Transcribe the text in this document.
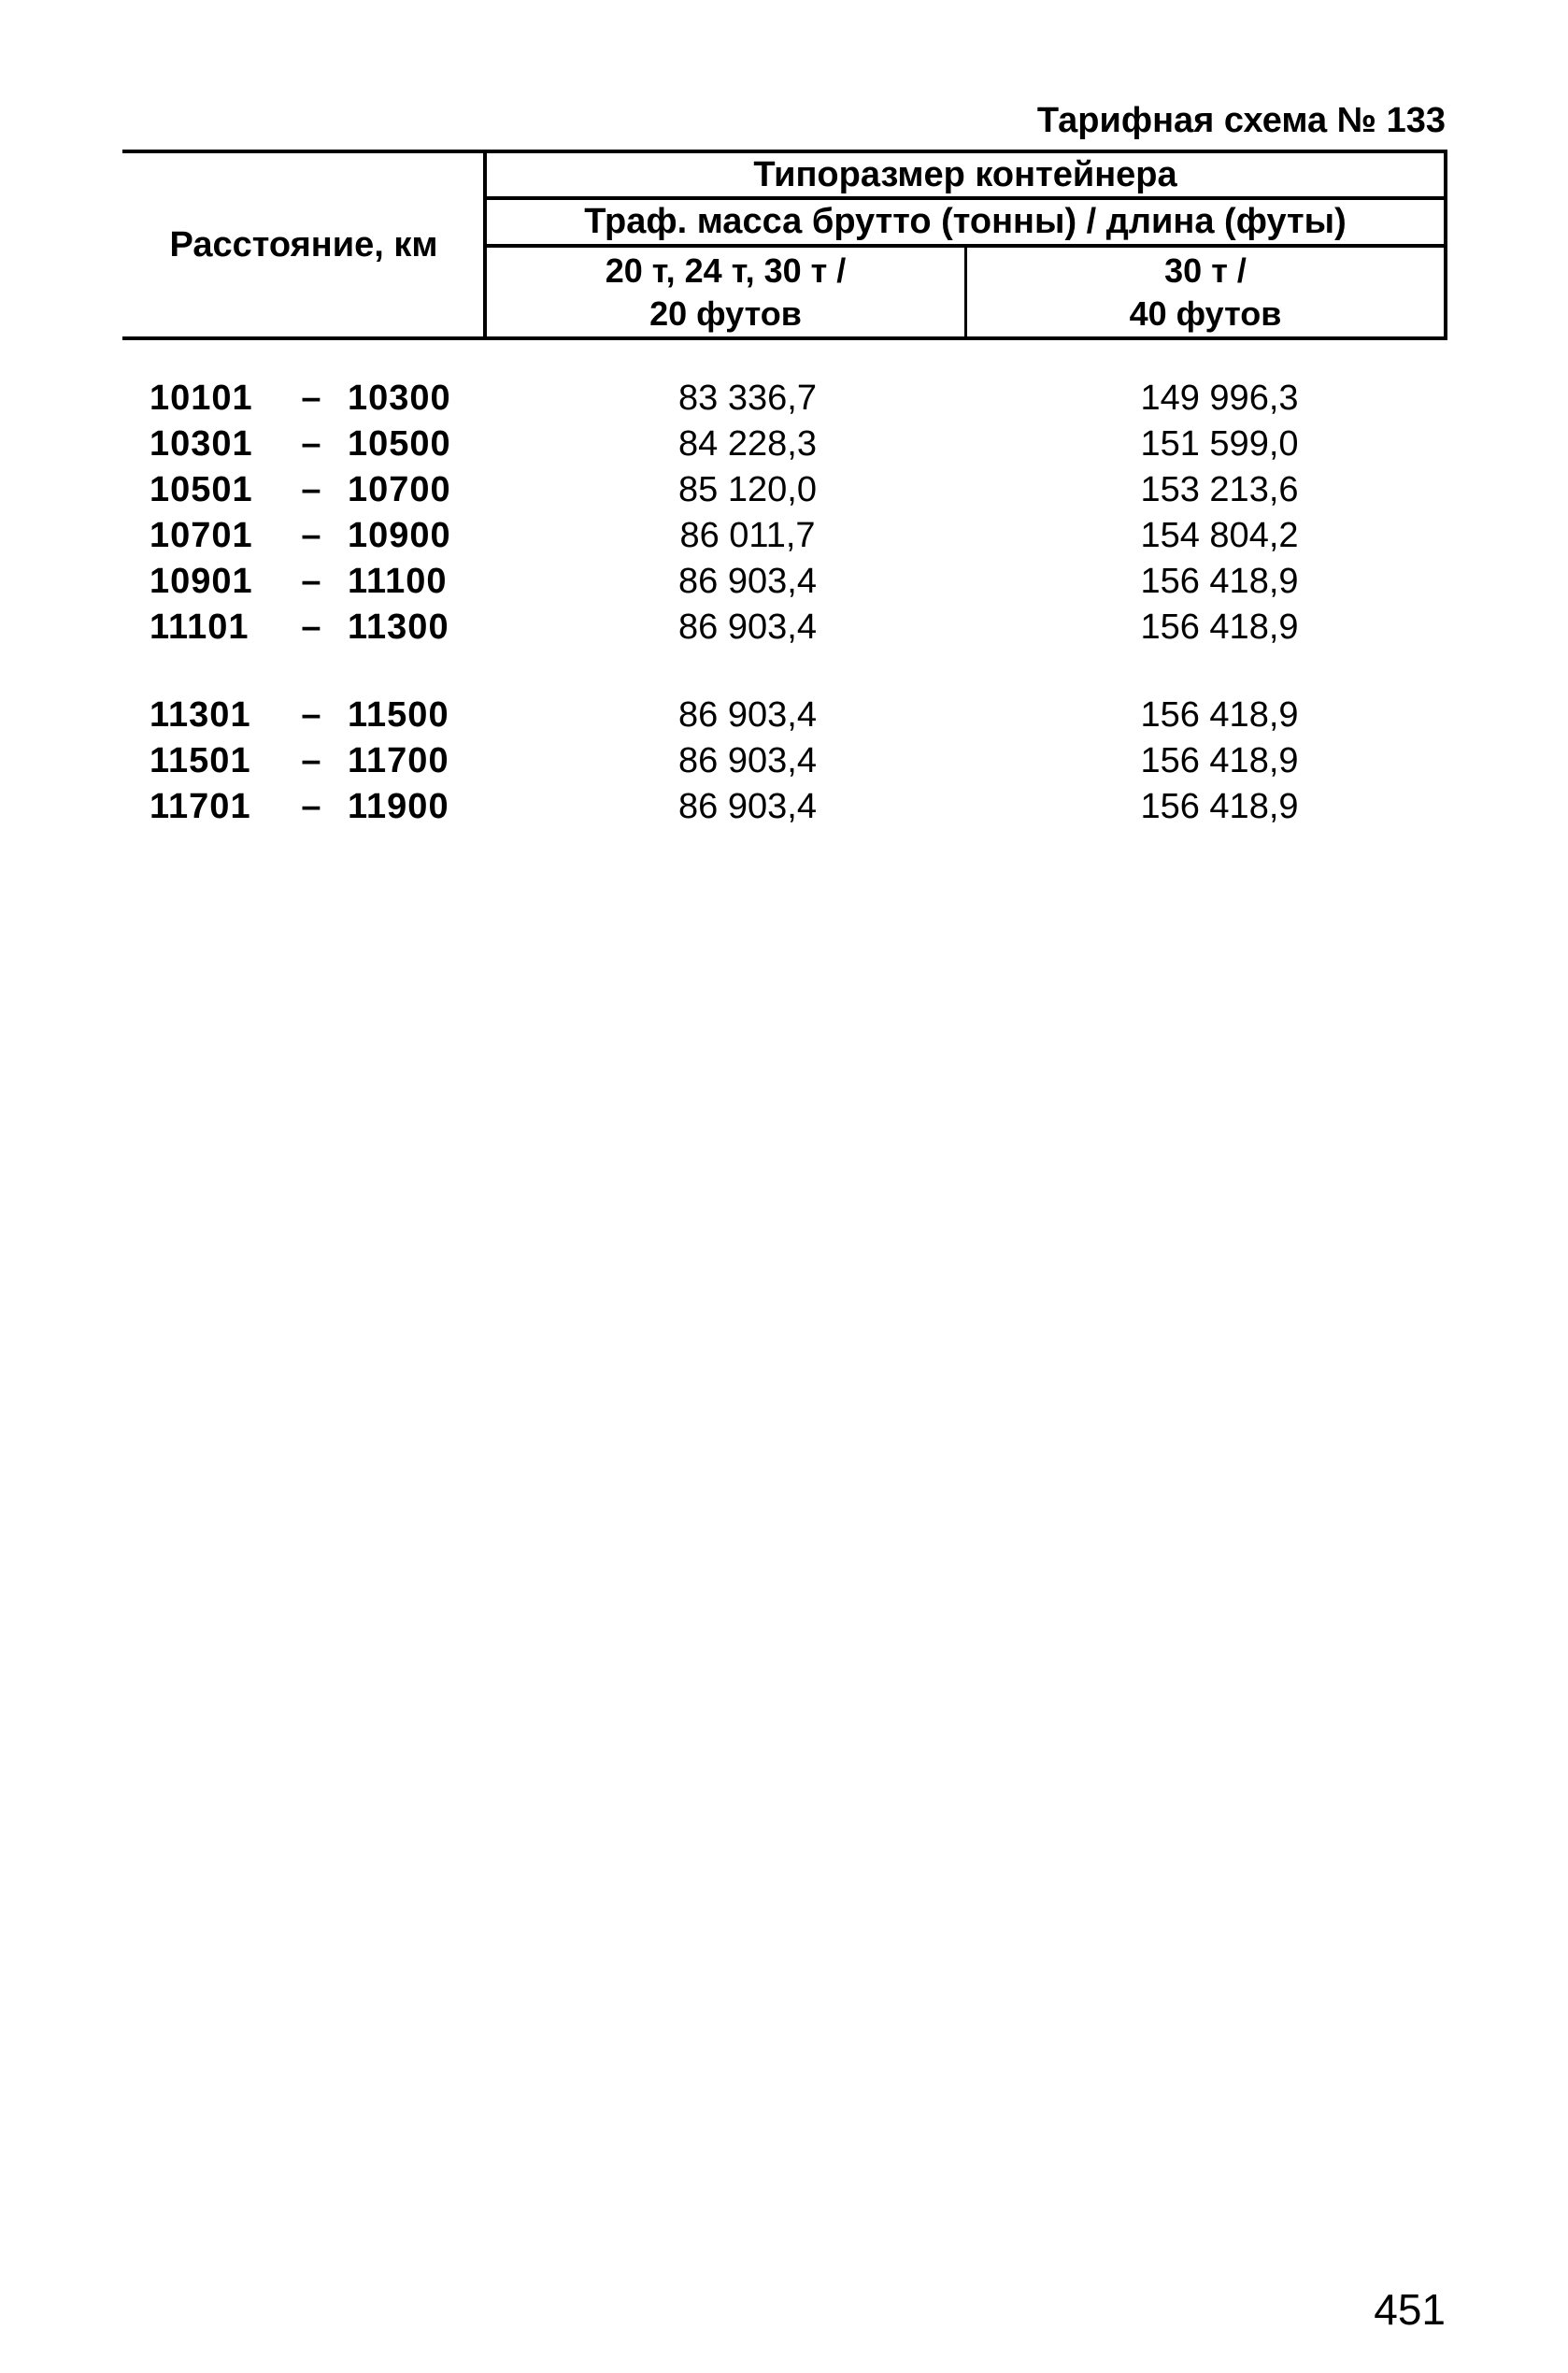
Тарифная схема № 133
Расстояние, км
Типоразмер контейнера
Траф. масса брутто (тонны) / длина (футы)
20 т, 24 т, 30 т /
20 футов
30 т /
40 футов
10101	– 10300	83 336,7	149 996,3
10301	– 10500	84 228,3	151 599,0
10501	– 10700	85 120,0	153 213,6
10701	– 10900	86 011,7	154 804,2
10901	– 11100	86 903,4	156 418,9
11101	– 11300	86 903,4	156 418,9
11301	– 11500	86 903,4	156 418,9
11501	– 11700	86 903,4	156 418,9
11701	– 11900	86 903,4	156 418,9
451
